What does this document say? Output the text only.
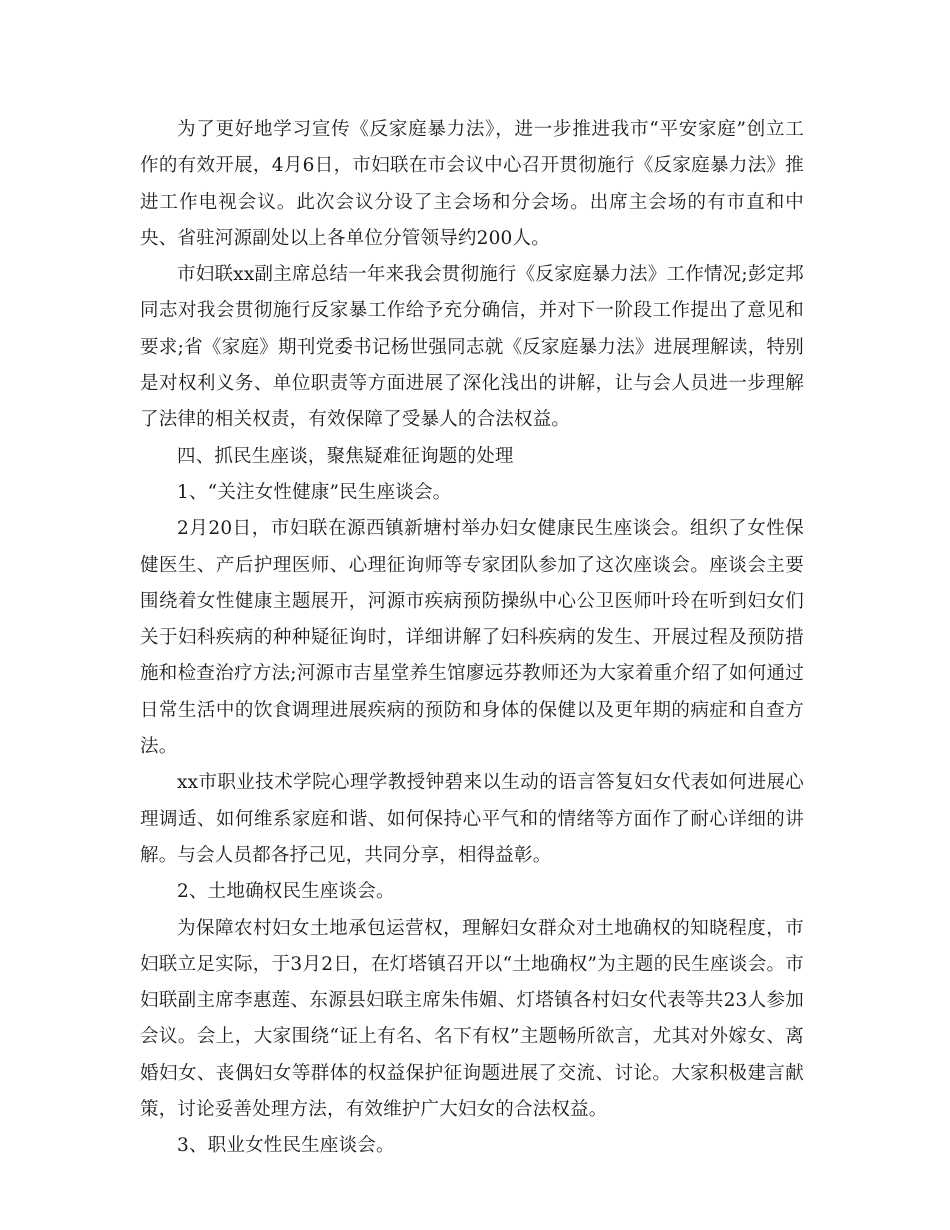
为了更好地学习宣传《反家庭暴力法》，进一步推进我市“平安家庭”创立工作的有效开展，4月6日，市妇联在市会议中心召开贯彻施行《反家庭暴力法》推进工作电视会议。此次会议分设了主会场和分会场。出席主会场的有市直和中央、省驻河源副处以上各单位分管领导约200人。

市妇联xx副主席总结一年来我会贯彻施行《反家庭暴力法》工作情况;彭定邦同志对我会贯彻施行反家暴工作给予充分确信，并对下一阶段工作提出了意见和要求;省《家庭》期刊党委书记杨世强同志就《反家庭暴力法》进展理解读，特别是对权利义务、单位职责等方面进展了深化浅出的讲解，让与会人员进一步理解了法律的相关权责，有效保障了受暴人的合法权益。

四、抓民生座谈，聚焦疑难征询题的处理

1、“关注女性健康”民生座谈会。

2月20日，市妇联在源西镇新塘村举办妇女健康民生座谈会。组织了女性保健医生、产后护理医师、心理征询师等专家团队参加了这次座谈会。座谈会主要围绕着女性健康主题展开，河源市疾病预防操纵中心公卫医师叶玲在听到妇女们关于妇科疾病的种种疑征询时，详细讲解了妇科疾病的发生、开展过程及预防措施和检查治疗方法;河源市吉星堂养生馆廖远芬教师还为大家着重介绍了如何通过日常生活中的饮食调理进展疾病的预防和身体的保健以及更年期的病症和自查方法。

xx市职业技术学院心理学教授钟碧来以生动的语言答复妇女代表如何进展心理调适、如何维系家庭和谐、如何保持心平气和的情绪等方面作了耐心详细的讲解。与会人员都各抒己见，共同分享，相得益彰。

2、土地确权民生座谈会。

为保障农村妇女土地承包运营权，理解妇女群众对土地确权的知晓程度，市妇联立足实际，于3月2日，在灯塔镇召开以“土地确权”为主题的民生座谈会。市妇联副主席李惠莲、东源县妇联主席朱伟媚、灯塔镇各村妇女代表等共23人参加会议。会上，大家围绕“证上有名、名下有权”主题畅所欲言，尤其对外嫁女、离婚妇女、丧偶妇女等群体的权益保护征询题进展了交流、讨论。大家积极建言献策，讨论妥善处理方法，有效维护广大妇女的合法权益。

3、职业女性民生座谈会。
